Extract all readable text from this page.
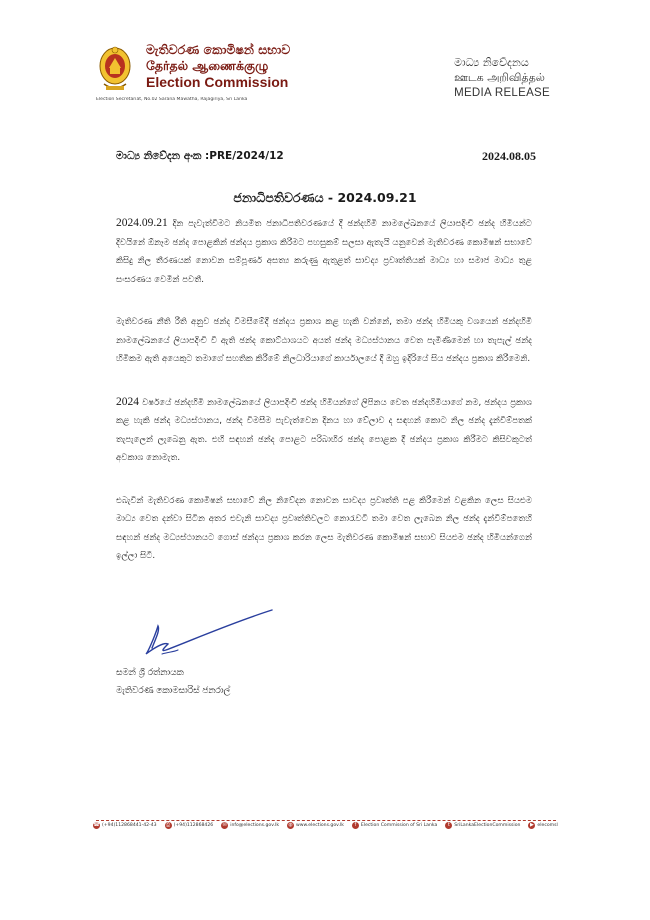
මැතිවරණ කොමිෂන් සභාව
தேர்தல் ஆணைக்குழு
Election Commission
Election Secretariat, No.02 Sarana Mawatha, Rajagiriya, Sri Lanka
මාධ්‍ය නිවේදනය
ஊடக அறிவித்தல்
MEDIA RELEASE
මාධ්‍ය නිවේදන අංක :PRE/2024/12	2024.08.05
ජනාධිපතිවරණය - 2024.09.21

2024.09.21 දින පැවැත්වීමට නියමිත ජනාධිපතිවරණයේ දී ඡන්දහිමි නාමලේඛනයේ ලියාපදිංචි ඡන්ද හිමියන්ට දිවයිනේ ඕනෑම ඡන්ද පොළකින් ඡන්දය ප්‍රකාශ කිරීමට පහසුකම් සලසා ඇතැයි යනුවෙන් මැතිවරණ කොමිෂන් සභාවේ කිසිදු නිල තීරණයක් නොවන සම්පූර්ණ අසත්‍ය කරුණු ඇතුළත් සාවද්‍ය ප්‍රවෘත්තියක් මාධ්‍ය හා සමාජ මාධ්‍ය තුළ සංසරණය වෙමින් පවතී.

මැතිවරණ නීති රීති අනුව ඡන්ද විමසීමේදී ඡන්දය ප්‍රකාශ කළ හැකි වන්නේ, තමා ඡන්ද හිමියකු වශයෙන් ඡන්දහිමි නාමලේඛනයේ ලියාපදිංචි වී ඇති ඡන්ද කොට්ඨාශයට අයත් ඡන්ද මධ්‍යස්ථානය වෙත පැමිණීමෙන් හා තැපැල් ඡන්ද හිමිකම ඇති අයෙකුට තමාගේ සහතික කිරීමේ නිලධාරියාගේ කාර්යාලයේ දී ඔහු ඉදිරියේ සිය ඡන්දය ප්‍රකාශ කිරීමෙනි.

2024 වර්ෂයේ ඡන්දහිමි නාමලේඛනයේ ලියාපදිංචි ඡන්ද හිමියන්ගේ ලිපිනය වෙත ඡන්දහිමියාගේ නම, ඡන්දය ප්‍රකාශ කළ හැකි ඡන්ද මධ්‍යස්ථානය, ඡන්ද විමසීම පැවැත්වෙන දිනය හා වේලාව ද සඳහන් කොට නිල ඡන්ද දැන්වීම්පතක් තැපැලෙන් ලැබෙනු ඇත. එහි සඳහන් ඡන්ද පොළට පරිබාහිර ඡන්ද පොළක දී ඡන්දය ප්‍රකාශ කිරීමට කිසිවකුටත් අවකාශ නොමැත.

එබැවින් මැතිවරණ කොමිෂන් සභාවේ නිල නිවේදන නොවන සාවද්‍ය ප්‍රවෘත්ති පළ කිරීමෙන් වළකින ලෙස සියළුම මාධ්‍ය වෙත දන්වා සිටින අතර එවැනි සාවද්‍ය ප්‍රවෘත්තිවලට නොරැවටී තමා වෙත ලැබෙන නිල ඡන්ද දැන්වීම්පතෙහි සඳහන් ඡන්ද මධ්‍යස්ථානයට ගොස් ඡන්දය ප්‍රකාශ කරන ලෙස මැතිවරණ කොමිෂන් සභාව සියළුම ඡන්ද හිමියන්ගෙන් ඉල්ලා සිටී.

සමන් ශ්‍රී රත්නායක
මැතිවරණ කොමසාරිස් ජනරාල්
☎ (+94)112868441-42-43 ⎙ (+94)112868426 ✉ info@elections.gov.lk ◍ www.elections.gov.lk	f	Election Commission of Sri Lanka	t SriLankaElectionCommission	▶ elecomsl
